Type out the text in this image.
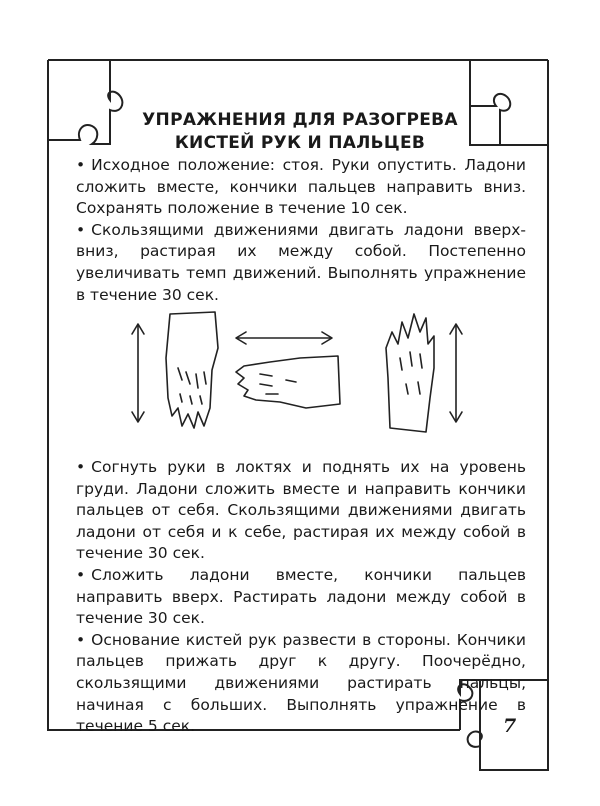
УПРАЖНЕНИЯ ДЛЯ РАЗОГРЕВА
КИСТЕЙ РУК И ПАЛЬЦЕВ

• Исходное положение: стоя. Руки опустить. Ладони сложить вместе, кончики пальцев направить вниз. Сохранять положение в течение 10 сек.

• Скользящими движениями двигать ладони вверх-вниз, растирая их между собой. Постепенно увеличивать темп движений. Выполнять упражнение в течение 30 сек.

• Согнуть руки в локтях и поднять их на уровень груди. Ладони сложить вместе и направить кончики пальцев от себя. Скользящими движениями двигать ладони от себя и к себе, растирая их между собой в течение 30 сек.

• Сложить ладони вместе, кончики пальцев направить вверх. Растирать ладони между собой в течение 30 сек.

• Основание кистей рук развести в стороны. Кончики пальцев прижать друг к другу. Поочерёдно, скользящими движениями растирать пальцы, начиная с больших. Выполнять упражнение в течение 5 сек.	7
